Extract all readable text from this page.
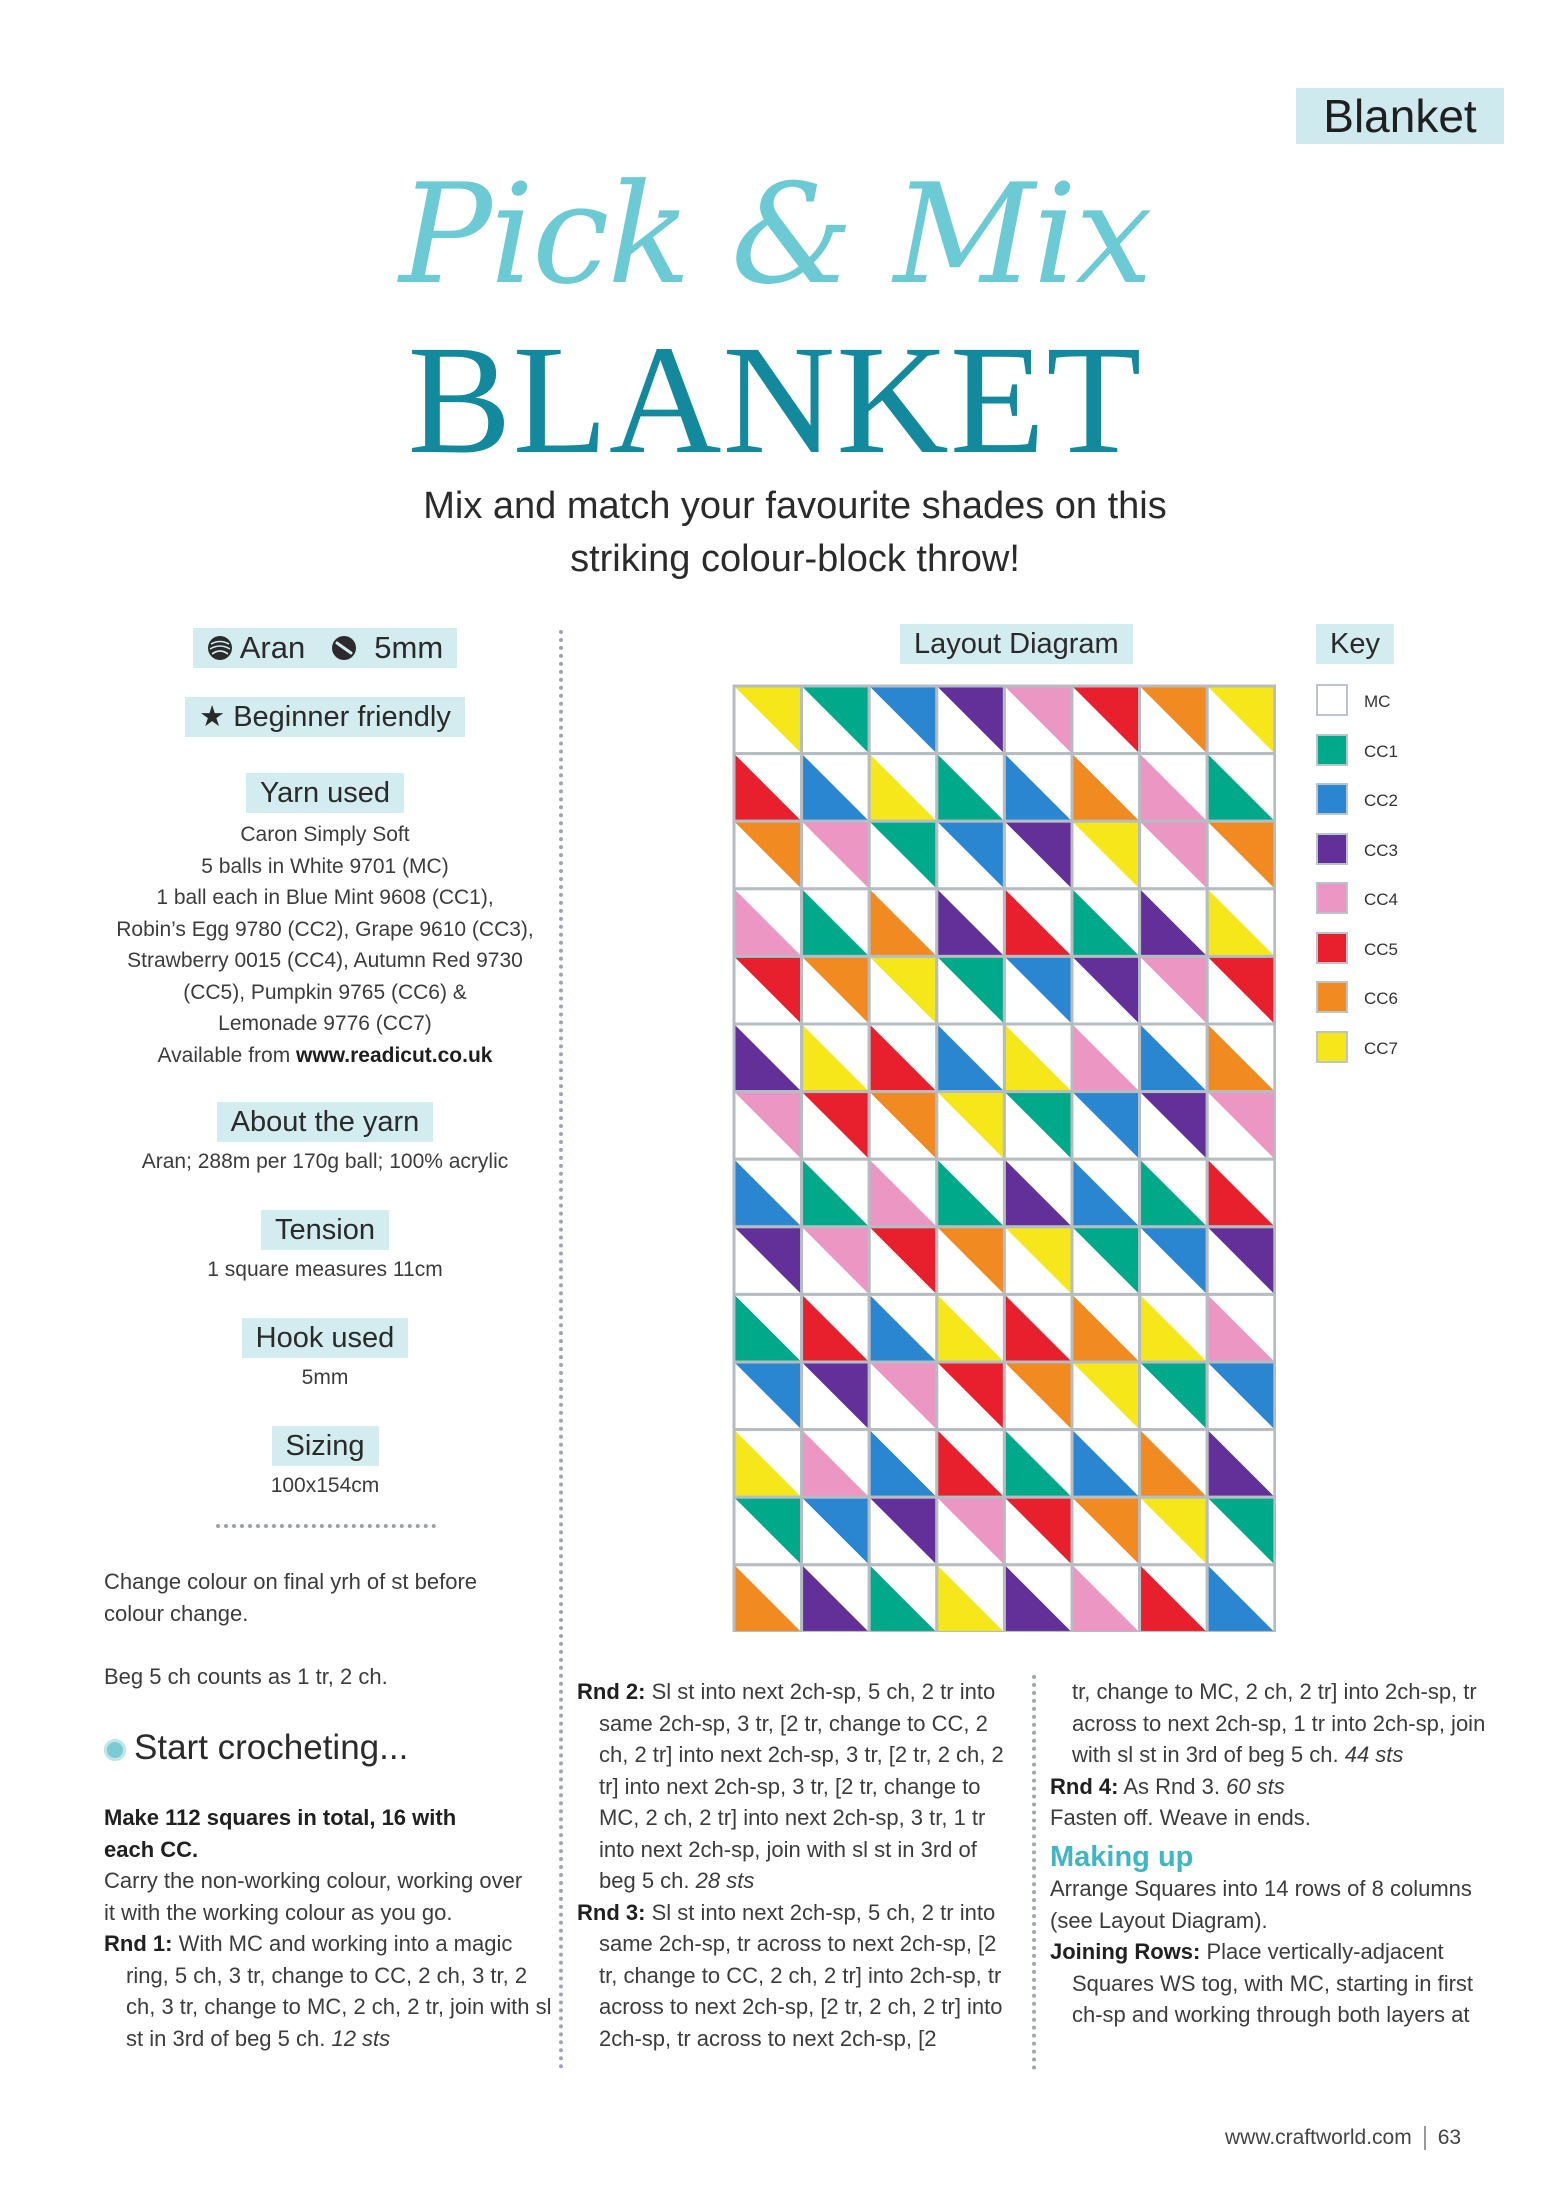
Blanket
Pick & Mix
BLANKET
Mix and match your favourite shades on this
striking colour-block throw!
Aran 5mm
★ Beginner friendly
Yarn used
Caron Simply Soft
5 balls in White 9701 (MC)
1 ball each in Blue Mint 9608 (CC1),
Robin’s Egg 9780 (CC2), Grape 9610 (CC3),
Strawberry 0015 (CC4), Autumn Red 9730
(CC5), Pumpkin 9765 (CC6) &
Lemonade 9776 (CC7)
Available from www.readicut.co.uk
About the yarn
Aran; 288m per 170g ball; 100% acrylic
Tension
1 square measures 11cm
Hook used
5mm
Sizing
100x154cm
Change colour on final yrh of st before
colour change.
Beg 5 ch counts as 1 tr, 2 ch.
Start crocheting...
Make 112 squares in total, 16 with
each CC.
Carry the non-working colour, working over
it with the working colour as you go.
Rnd 1: With MC and working into a magic ring, 5 ch, 3 tr, change to CC, 2 ch, 3 tr, 2 ch, 3 tr, change to MC, 2 ch, 2 tr, join with sl st in 3rd of beg 5 ch. 12 sts
Rnd 2: Sl st into next 2ch-sp, 5 ch, 2 tr into same 2ch-sp, 3 tr, [2 tr, change to CC, 2 ch, 2 tr] into next 2ch-sp, 3 tr, [2 tr, 2 ch, 2 tr] into next 2ch-sp, 3 tr, [2 tr, change to MC, 2 ch, 2 tr] into next 2ch-sp, 3 tr, 1 tr into next 2ch-sp, join with sl st in 3rd of beg 5 ch. 28 sts
Rnd 3: Sl st into next 2ch-sp, 5 ch, 2 tr into same 2ch-sp, tr across to next 2ch-sp, [2 tr, change to CC, 2 ch, 2 tr] into 2ch-sp, tr across to next 2ch-sp, [2 tr, 2 ch, 2 tr] into 2ch-sp, tr across to next 2ch-sp, [2
tr, change to MC, 2 ch, 2 tr] into 2ch-sp, tr across to next 2ch-sp, 1 tr into 2ch-sp, join with sl st in 3rd of beg 5 ch. 44 sts
Rnd 4: As Rnd 3. 60 sts
Fasten off. Weave in ends.
Making up
Arrange Squares into 14 rows of 8 columns
(see Layout Diagram).
Joining Rows: Place vertically-adjacent Squares WS tog, with MC, starting in first ch-sp and working through both layers at
Layout Diagram	Key
MC
CC1
CC2
CC3
CC4
CC5
CC6
CC7
www.craftworld.com 63
